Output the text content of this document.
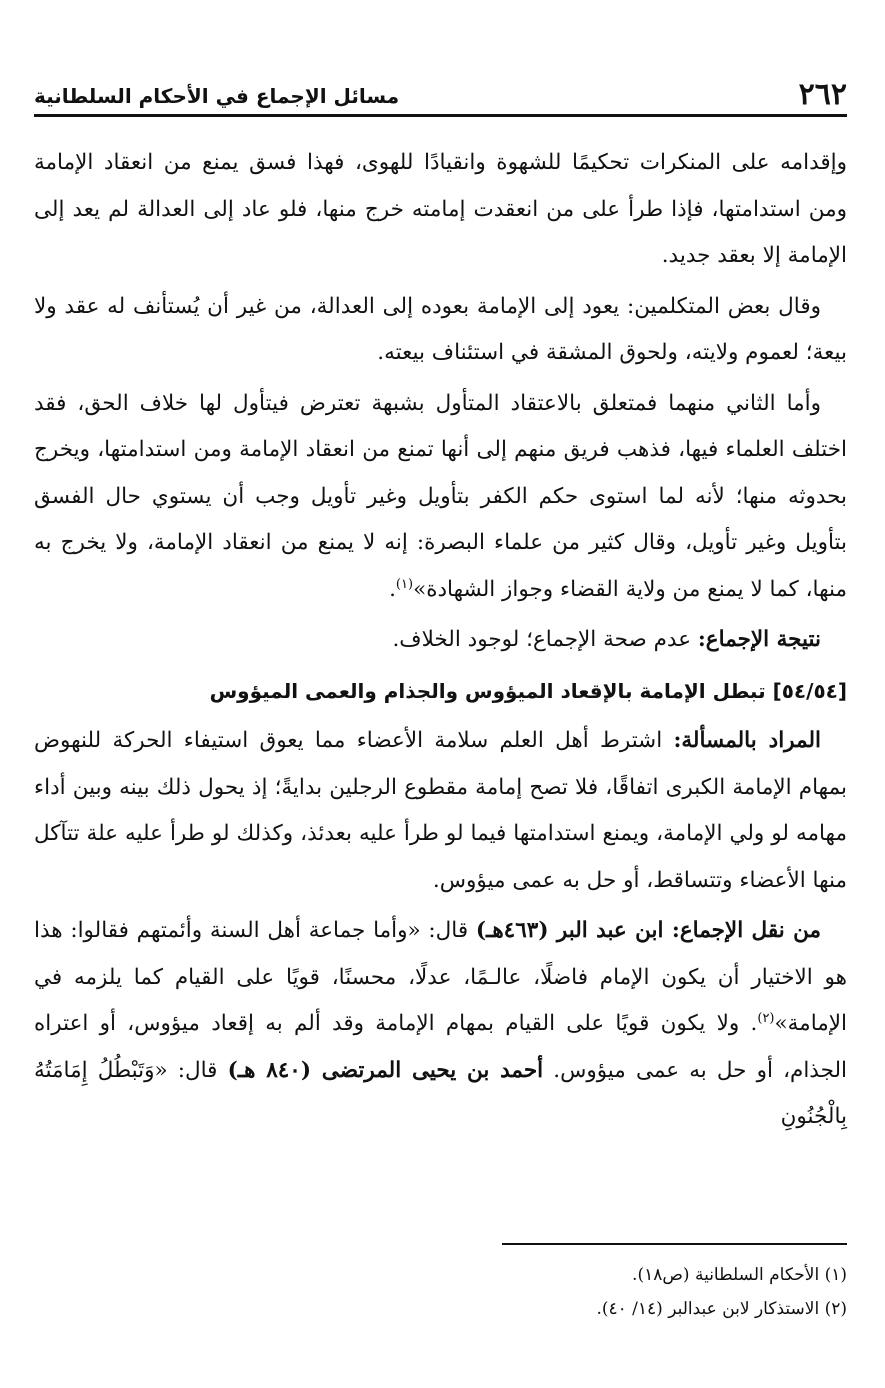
٢٦٢
مسائل الإجماع في الأحكام السلطانية

وإقدامه على المنكرات تحكيمًا للشهوة وانقيادًا للهوى، فهذا فسق يمنع من انعقاد الإمامة ومن استدامتها، فإذا طرأ على من انعقدت إمامته خرج منها، فلو عاد إلى العدالة لم يعد إلى الإمامة إلا بعقد جديد.

وقال بعض المتكلمين: يعود إلى الإمامة بعوده إلى العدالة، من غير أن يُستأنف له عقد ولا بيعة؛ لعموم ولايته، ولحوق المشقة في استئناف بيعته.

وأما الثاني منهما فمتعلق بالاعتقاد المتأول بشبهة تعترض فيتأول لها خلاف الحق، فقد اختلف العلماء فيها، فذهب فريق منهم إلى أنها تمنع من انعقاد الإمامة ومن استدامتها، ويخرج بحدوثه منها؛ لأنه لما استوى حكم الكفر بتأويل وغير تأويل وجب أن يستوي حال الفسق بتأويل وغير تأويل، وقال كثير من علماء البصرة: إنه لا يمنع من انعقاد الإمامة، ولا يخرج به منها، كما لا يمنع من ولاية القضاء وجواز الشهادة»$^{(١)}$.

نتيجة الإجماع: عدم صحة الإجماع؛ لوجود الخلاف.

[٥٤/٥٤] تبطل الإمامة بالإقعاد الميؤوس والجذام والعمى الميؤوس

المراد بالمسألة: اشترط أهل العلم سلامة الأعضاء مما يعوق استيفاء الحركة للنهوض بمهام الإمامة الكبرى اتفاقًا، فلا تصح إمامة مقطوع الرجلين بدايةً؛ إذ يحول ذلك بينه وبين أداء مهامه لو ولي الإمامة، ويمنع استدامتها فيما لو طرأ عليه بعدئذ، وكذلك لو طرأ عليه علة تتآكل منها الأعضاء وتتساقط، أو حل به عمى ميؤوس.

من نقل الإجماع: ابن عبد البر (٤٦٣هـ) قال: «وأما جماعة أهل السنة وأئمتهم فقالوا: هذا هو الاختيار أن يكون الإمام فاضلًا، عالـمًا، عدلًا، محسنًا، قويًا على القيام كما يلزمه في الإمامة»$^{(٢)}$. ولا يكون قويًا على القيام بمهام الإمامة وقد ألم به إقعاد ميؤوس، أو اعتراه الجذام، أو حل به عمى ميؤوس. أحمد بن يحيى المرتضى (٨٤٠ هـ) قال: «وَتَبْطُلُ إِمَامَتُهُ بِالْجُنُونِ

(١) الأحكام السلطانية (ص١٨).
(٢) الاستذكار لابن عبدالبر (١٤/ ٤٠).
